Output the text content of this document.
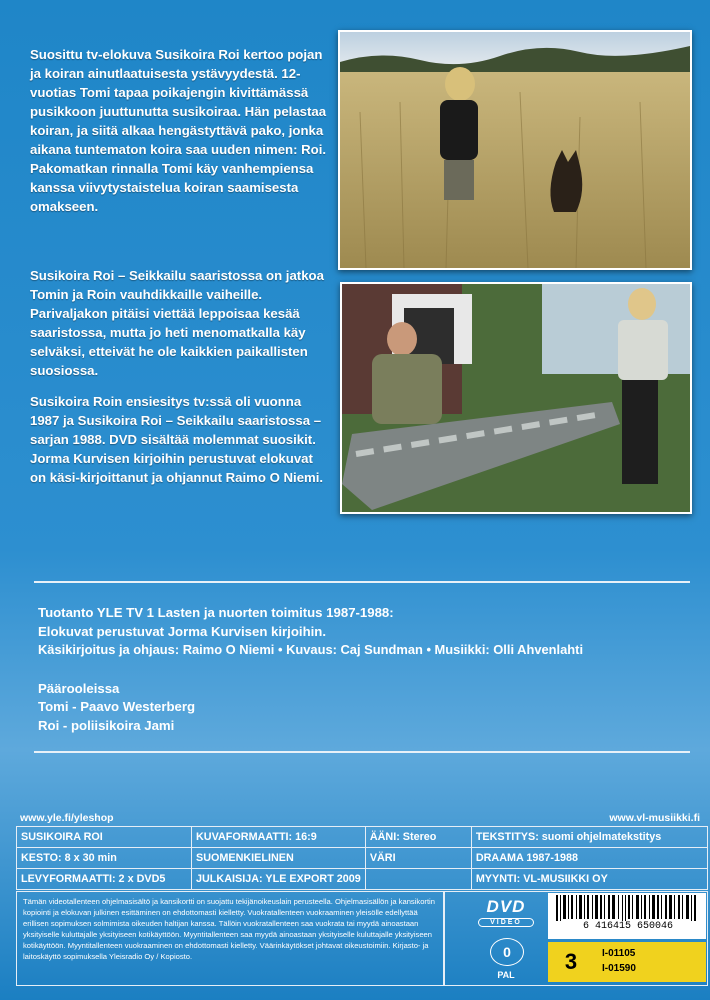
Suosittu tv-elokuva Susikoira Roi kertoo pojan ja koiran ainutlaatuisesta ystävyydestä. 12-vuotias Tomi tapaa poikajengin kivittämässä pusikkoon juuttunutta susikoiraa. Hän pelastaa koiran, ja siitä alkaa hengästyttävä pako, jonka aikana tuntematon koira saa uuden nimen: Roi. Pakomatkan rinnalla Tomi käy vanhempiensa kanssa viivytystaistelua koiran saamisesta omakseen.

Susikoira Roi – Seikkailu saaristossa on jatkoa Tomin ja Roin vauhdikkaille vaiheille. Parivaljakon pitäisi viettää leppoisaa kesää saaristossa, mutta jo heti menomatkalla käy selväksi, etteivät he ole kaikkien paikallisten suosiossa.

Susikoira Roin ensiesitys tv:ssä oli vuonna 1987 ja Susikoira Roi – Seikkailu saaristossa –sarjan 1988. DVD sisältää molemmat suosikit. Jorma Kurvisen kirjoihin perustuvat elokuvat on käsi-kirjoittanut ja ohjannut Raimo O Niemi.

Tuotanto YLE TV 1 Lasten ja nuorten toimitus 1987-1988:

Elokuvat perustuvat Jorma Kurvisen kirjoihin.

Käsikirjoitus ja ohjaus: Raimo O Niemi • Kuvaus: Caj Sundman • Musiikki: Olli Ahvenlahti

Päärooleissa

Tomi - Paavo Westerberg

Roi - poliisikoira Jami

www.yle.fi/yleshop	www.vl-musiikki.fi
SUSIKOIRA ROI	KUVAFORMAATTI: 16:9	ÄÄNI: Stereo	TEKSTITYS: suomi ohjelmatekstitys
KESTO: 8 x 30 min	SUOMENKIELINEN	VÄRI	DRAAMA 1987-1988
LEVYFORMAATTI: 2 x DVD5	JULKAISIJA: YLE EXPORT 2009		MYYNTI: VL-MUSIIKKI OY
Tämän videotallenteen ohjelmasisältö ja kansikortti on suojattu tekijänoikeuslain perusteella. Ohjelmasisällön ja kansikortin kopiointi ja elokuvan julkinen esittäminen on ehdottomasti kielletty. Vuokratallenteen vuokraaminen yleisölle edellyttää erillisen sopimuksen solmimista oikeuden haltijan kanssa. Tällöin vuokratallenteen saa vuokrata tai myydä ainoastaan yksityiselle kuluttajalle yksityiseen kotikäyttöön. Myyntitallenteen saa myydä ainoastaan yksityiselle kuluttajalle yksityiseen kotikäyttöön. Myyntitallenteen vuokraaminen on ehdottomasti kielletty. Väärinkäytökset johtavat oikeustoimiin. Kirjasto- ja laitoskäyttö sopimuksella Yleisradio Oy / Kopiosto.
DVD
VIDEO
0
PAL
6 416415 650046
3	I-01105
I-01590
